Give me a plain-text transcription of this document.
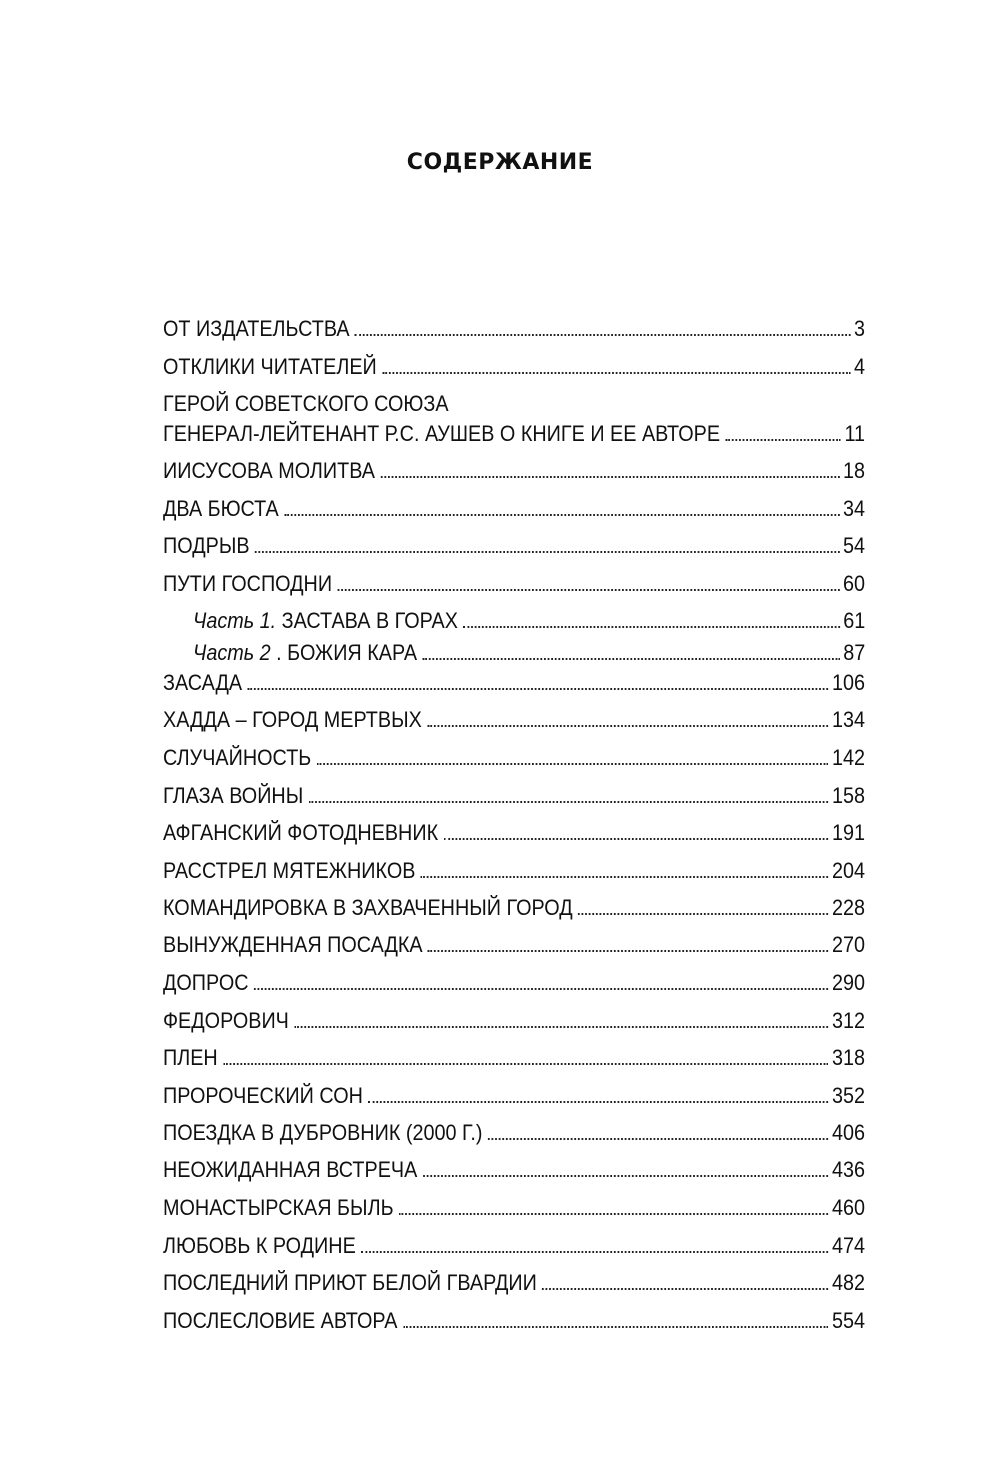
СОДЕРЖАНИЕ
ОТ ИЗДАТЕЛЬСТВА	3
ОТКЛИКИ ЧИТАТЕЛЕЙ	4
ГЕРОЙ СОВЕТСКОГО СОЮЗА
ГЕНЕРАЛ-ЛЕЙТЕНАНТ Р.С. АУШЕВ О КНИГЕ И ЕЕ АВТОРЕ	11
ИИСУСОВА МОЛИТВА	18
ДВА БЮСТА	34
ПОДРЫВ	54
ПУТИ ГОСПОДНИ	60
Часть 1. ЗАСТАВА В ГОРАХ	61
Часть 2 . БОЖИЯ КАРА	87
ЗАСАДА	106
ХАДДА – ГОРОД МЕРТВЫХ	134
СЛУЧАЙНОСТЬ	142
ГЛАЗА ВОЙНЫ	158
АФГАНСКИЙ ФОТОДНЕВНИК	191
РАССТРЕЛ МЯТЕЖНИКОВ	204
КОМАНДИРОВКА В ЗАХВАЧЕННЫЙ ГОРОД	228
ВЫНУЖДЕННАЯ ПОСАДКА	270
ДОПРОС	290
ФЕДОРОВИЧ	312
ПЛЕН	318
ПРОРОЧЕСКИЙ СОН	352
ПОЕЗДКА В ДУБРОВНИК (2000 Г.)	406
НЕОЖИДАННАЯ ВСТРЕЧА	436
МОНАСТЫРСКАЯ БЫЛЬ	460
ЛЮБОВЬ К РОДИНЕ	474
ПОСЛЕДНИЙ ПРИЮТ БЕЛОЙ ГВАРДИИ	482
ПОСЛЕСЛОВИЕ АВТОРА	554
